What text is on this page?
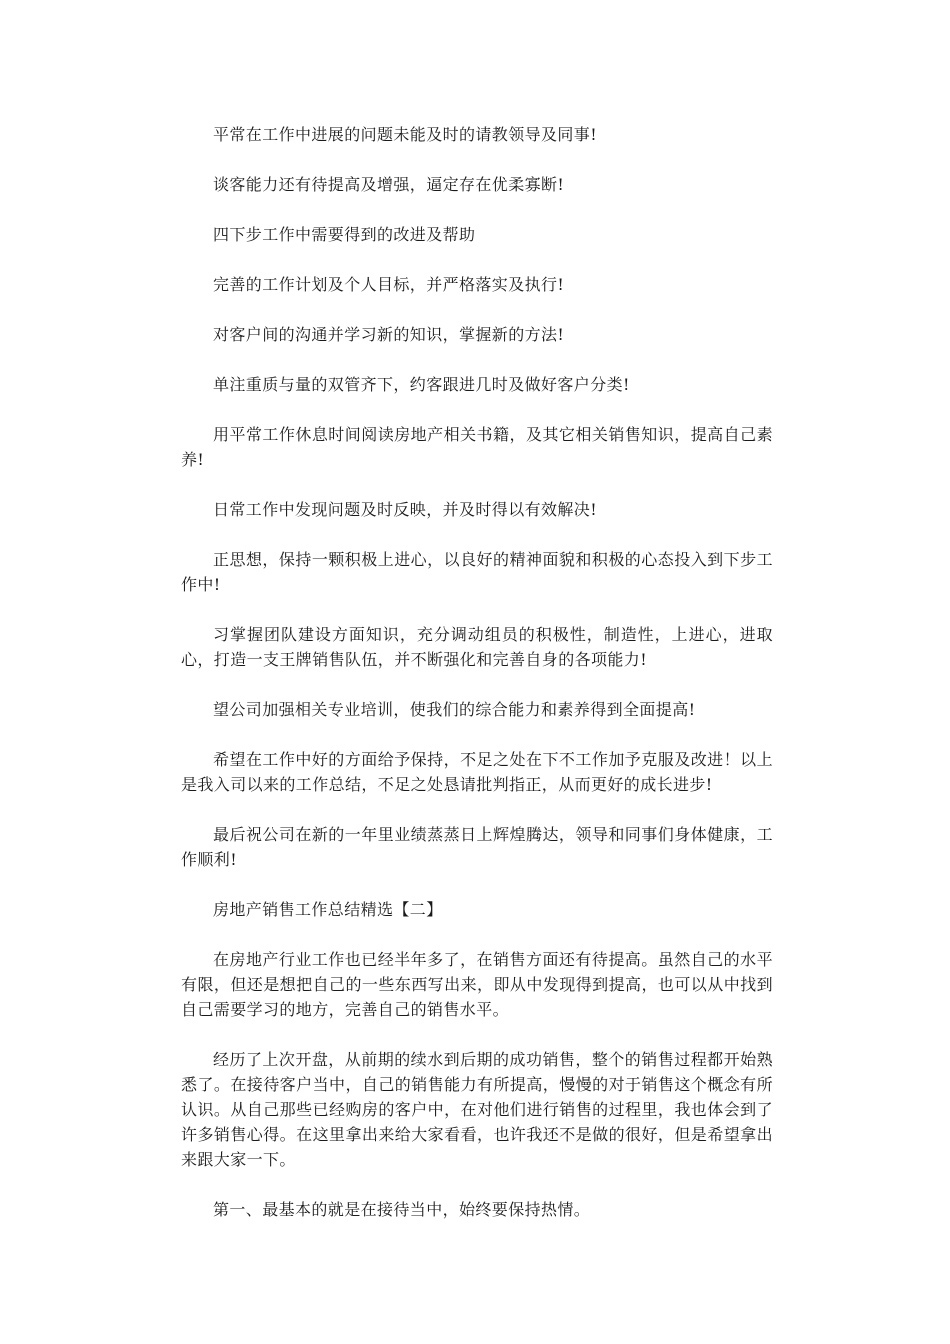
平常在工作中进展的问题未能及时的请教领导及同事!

谈客能力还有待提高及增强，逼定存在优柔寡断!

四下步工作中需要得到的改进及帮助

完善的工作计划及个人目标，并严格落实及执行!

对客户间的沟通并学习新的知识，掌握新的方法!

单注重质与量的双管齐下，约客跟进几时及做好客户分类!

用平常工作休息时间阅读房地产相关书籍，及其它相关销售知识，提高自己素养!

日常工作中发现问题及时反映，并及时得以有效解决!

正思想，保持一颗积极上进心，以良好的精神面貌和积极的心态投入到下步工作中!

习掌握团队建设方面知识，充分调动组员的积极性，制造性，上进心，进取心，打造一支王牌销售队伍，并不断强化和完善自身的各项能力!

望公司加强相关专业培训，使我们的综合能力和素养得到全面提高!

希望在工作中好的方面给予保持，不足之处在下不工作加予克服及改进！以上是我入司以来的工作总结，不足之处恳请批判指正，从而更好的成长进步!

最后祝公司在新的一年里业绩蒸蒸日上辉煌腾达，领导和同事们身体健康，工作顺利!

房地产销售工作总结精选【二】

在房地产行业工作也已经半年多了，在销售方面还有待提高。虽然自己的水平有限，但还是想把自己的一些东西写出来，即从中发现得到提高，也可以从中找到自己需要学习的地方，完善自己的销售水平。

经历了上次开盘，从前期的续水到后期的成功销售，整个的销售过程都开始熟悉了。在接待客户当中，自己的销售能力有所提高，慢慢的对于销售这个概念有所认识。从自己那些已经购房的客户中，在对他们进行销售的过程里，我也体会到了许多销售心得。在这里拿出来给大家看看，也许我还不是做的很好，但是希望拿出来跟大家一下。

第一、最基本的就是在接待当中，始终要保持热情。
